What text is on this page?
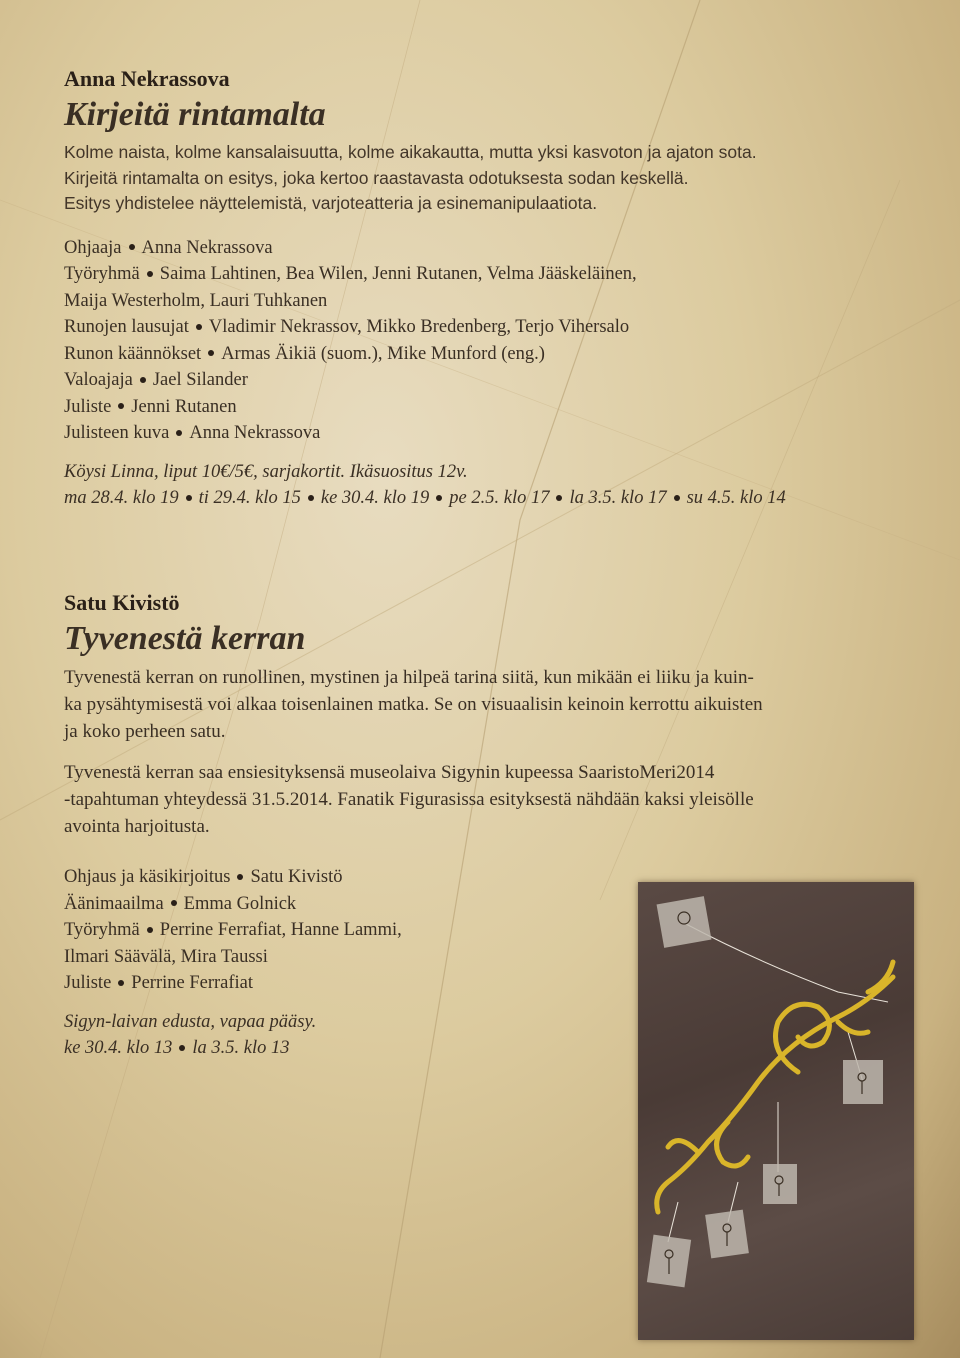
Anna Nekrassova
Kirjeitä rintamalta

Kolme naista, kolme kansalaisuutta, kolme aikakautta, mutta yksi kasvoton ja ajaton sota.
Kirjeitä rintamalta on esitys, joka kertoo raastavasta odotuksesta sodan keskellä.
Esitys yhdistelee näyttelemistä, varjoteatteria ja esinemanipulaatiota.

Ohjaaja Anna Nekrassova
Työryhmä Saima Lahtinen, Bea Wilen, Jenni Rutanen, Velma Jääskeläinen,
Maija Westerholm, Lauri Tuhkanen
Runojen lausujat Vladimir Nekrassov, Mikko Bredenberg, Terjo Vihersalo
Runon käännökset Armas Äikiä (suom.), Mike Munford (eng.)
Valoajaja Jael Silander
Juliste Jenni Rutanen
Julisteen kuva Anna Nekrassova
Köysi Linna, liput 10€/5€, sarjakortit. Ikäsuositus 12v.
ma 28.4. klo 19 ti 29.4. klo 15 ke 30.4. klo 19 pe 2.5. klo 17 la 3.5. klo 17 su 4.5. klo 14
Satu Kivistö
Tyvenestä kerran

Tyvenestä kerran on runollinen, mystinen ja hilpeä tarina siitä, kun mikään ei liiku ja kuin-
ka pysähtymisestä voi alkaa toisenlainen matka. Se on visuaalisin keinoin kerrottu aikuisten
ja koko perheen satu.

Tyvenestä kerran saa ensiesityksensä museolaiva Sigynin kupeessa SaaristoMeri2014
-tapahtuman yhteydessä 31.5.2014. Fanatik Figurasissa esityksestä nähdään kaksi yleisölle
avointa harjoitusta.

Ohjaus ja käsikirjoitus Satu Kivistö
Äänimaailma Emma Golnick
Työryhmä Perrine Ferrafiat, Hanne Lammi,
Ilmari Säävälä, Mira Taussi
Juliste Perrine Ferrafiat
Sigyn-laivan edusta, vapaa pääsy.
ke 30.4. klo 13 la 3.5. klo 13
